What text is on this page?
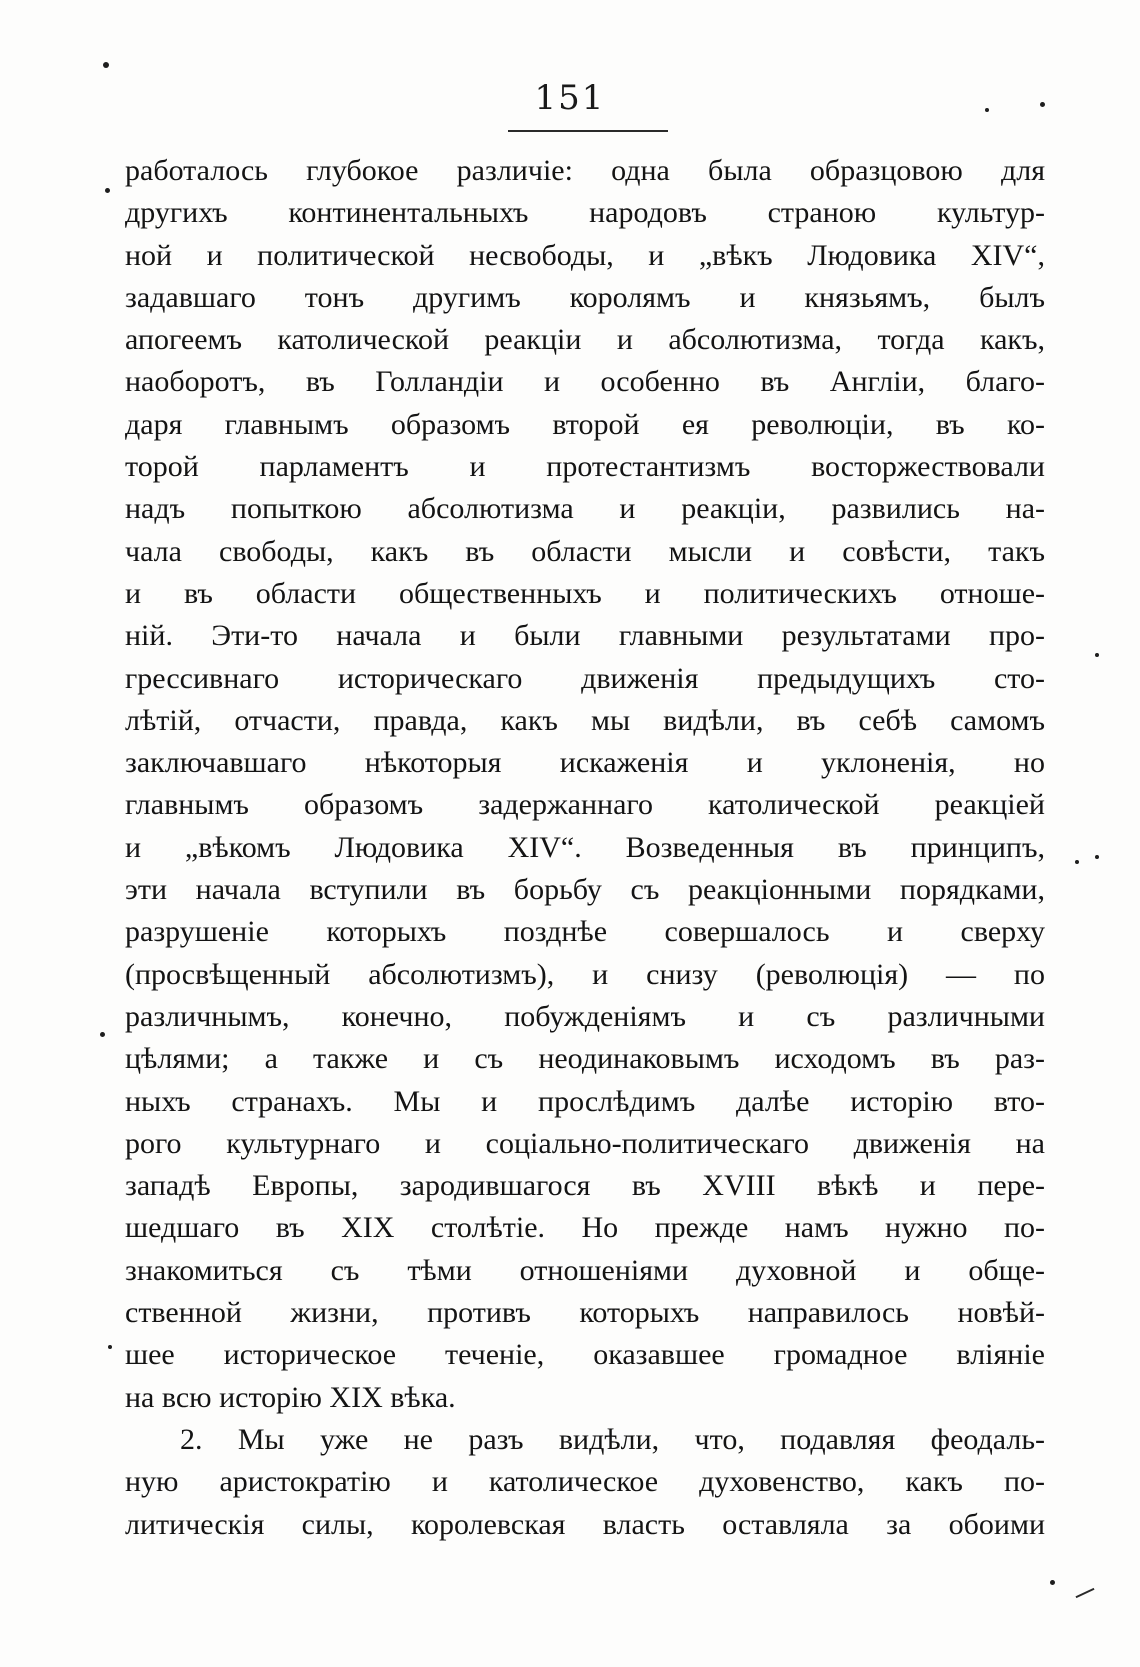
151
работалось глубокое различіе: одна была образцовою для
другихъ континентальныхъ народовъ страною культур-
ной и политической несвободы, и „вѣкъ Людовика XIV“,
задавшаго тонъ другимъ королямъ и князьямъ, былъ
апогеемъ католической реакціи и абсолютизма, тогда какъ,
наоборотъ, въ Голландіи и особенно въ Англіи, благо-
даря главнымъ образомъ второй ея революціи, въ ко-
торой парламентъ и протестантизмъ восторжествовали
надъ попыткою абсолютизма и реакціи, развились на-
чала свободы, какъ въ области мысли и совѣсти, такъ
и въ области общественныхъ и политическихъ отноше-
ній. Эти-то начала и были главными результатами про-
грессивнаго историческаго движенія предыдущихъ сто-
лѣтій, отчасти, правда, какъ мы видѣли, въ себѣ самомъ
заключавшаго нѣкоторыя искаженія и уклоненія, но
главнымъ образомъ задержаннаго католической реакціей
и „вѣкомъ Людовика XIV“. Возведенныя въ принципъ,
эти начала вступили въ борьбу съ реакціонными порядками,
разрушеніе которыхъ позднѣе совершалось и сверху
(просвѣщенный абсолютизмъ), и снизу (революція) — по
различнымъ, конечно, побужденіямъ и съ различными
цѣлями; а также и съ неодинаковымъ исходомъ въ раз-
ныхъ странахъ. Мы и прослѣдимъ далѣе исторію вто-
рого культурнаго и соціально-политическаго движенія на
западѣ Европы, зародившагося въ XVIII вѣкѣ и пере-
шедшаго въ XIX столѣтіе. Но прежде намъ нужно по-
знакомиться съ тѣми отношеніями духовной и обще-
ственной жизни, противъ которыхъ направилось новѣй-
шее историческое теченіе, оказавшее громадное вліяніе
на всю исторію XIX вѣка.
2. Мы уже не разъ видѣли, что, подавляя феодаль-
ную аристократію и католическое духовенство, какъ по-
литическія силы, королевская власть оставляла за обоими
